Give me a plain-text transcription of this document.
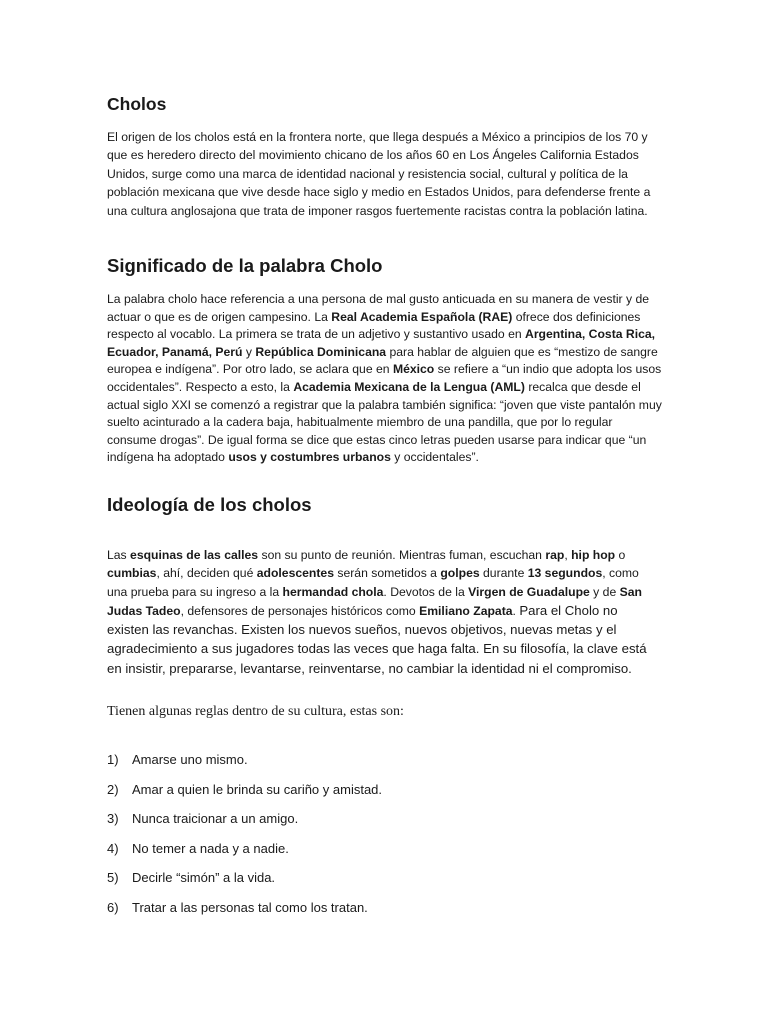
Cholos

El origen de los cholos está en la frontera norte, que llega después a México a principios de los 70 y que es heredero directo del movimiento chicano de los años 60 en Los Ángeles California Estados Unidos, surge como una marca de identidad nacional y resistencia social, cultural y política de la población mexicana que vive desde hace siglo y medio en Estados Unidos, para defenderse frente a una cultura anglosajona que trata de imponer rasgos fuertemente racistas contra la población latina.

Significado de la palabra Cholo

La palabra cholo hace referencia a una persona de mal gusto anticuada en su manera de vestir y de actuar o que es de origen campesino. La Real Academia Española (RAE) ofrece dos definiciones respecto al vocablo. La primera se trata de un adjetivo y sustantivo usado en Argentina, Costa Rica, Ecuador, Panamá, Perú y República Dominicana para hablar de alguien que es “mestizo de sangre europea e indígena”. Por otro lado, se aclara que en México se refiere a “un indio que adopta los usos occidentales”. Respecto a esto, la Academia Mexicana de la Lengua (AML) recalca que desde el actual siglo XXI se comenzó a registrar que la palabra también significa: “joven que viste pantalón muy suelto acinturado a la cadera baja, habitualmente miembro de una pandilla, que por lo regular consume drogas”. De igual forma se dice que estas cinco letras pueden usarse para indicar que “un indígena ha adoptado usos y costumbres urbanos y occidentales”.

Ideología de los cholos

Las esquinas de las calles son su punto de reunión. Mientras fuman, escuchan rap, hip hop o cumbias, ahí, deciden qué adolescentes serán sometidos a golpes durante 13 segundos, como una prueba para su ingreso a la hermandad chola. Devotos de la Virgen de Guadalupe y de San Judas Tadeo, defensores de personajes históricos como Emiliano Zapata. Para el Cholo no existen las revanchas. Existen los nuevos sueños, nuevos objetivos, nuevas metas y el agradecimiento a sus jugadores todas las veces que haga falta. En su filosofía, la clave está en insistir, prepararse, levantarse, reinventarse, no cambiar la identidad ni el compromiso.

Tienen algunas reglas dentro de su cultura, estas son:

1) Amarse uno mismo.
2) Amar a quien le brinda su cariño y amistad.
3) Nunca traicionar a un amigo.
4) No temer a nada y a nadie.
5) Decirle “simón” a la vida.
6) Tratar a las personas tal como los tratan.
